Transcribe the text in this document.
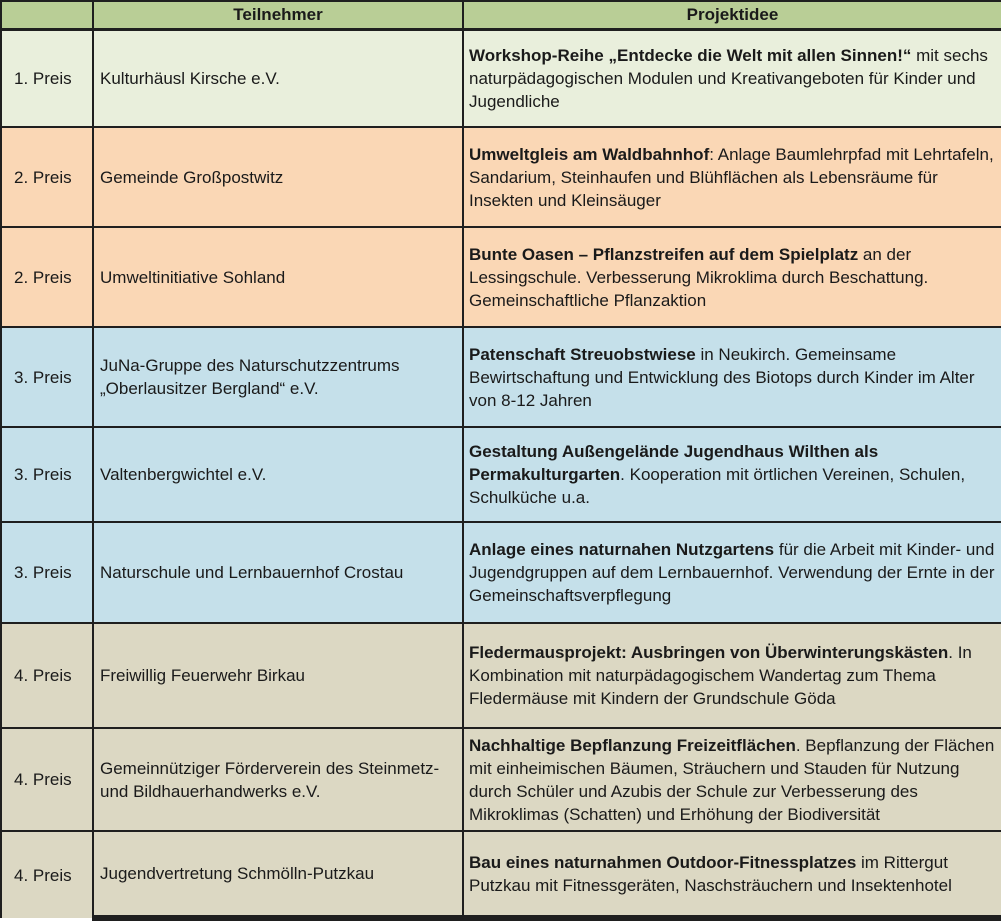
	Teilnehmer	Projektidee
1. Preis	Kulturhäusl Kirsche e.V.	Workshop-Reihe „Entdecke die Welt mit allen Sinnen!“ mit sechs naturpädagogischen Modulen und Kreativangeboten für Kinder und Jugendliche
2. Preis	Gemeinde Großpostwitz	Umweltgleis am Waldbahnhof: Anlage Baumlehrpfad mit Lehrtafeln, Sandarium, Steinhaufen und Blühflächen als Lebensräume für Insekten und Kleinsäuger
2. Preis	Umweltinitiative Sohland	Bunte Oasen – Pflanzstreifen auf dem Spielplatz an der Lessingschule. Verbesserung Mikroklima durch Beschattung. Gemeinschaftliche Pflanzaktion
3. Preis	JuNa-Gruppe des Naturschutzzentrums „Oberlausitzer Bergland“ e.V.	Patenschaft Streuobstwiese in Neukirch. Gemeinsame Bewirtschaftung und Entwicklung des Biotops durch Kinder im Alter von 8-12 Jahren
3. Preis	Valtenbergwichtel e.V.	Gestaltung Außengelände Jugendhaus Wilthen als Permakulturgarten. Kooperation mit örtlichen Vereinen, Schulen, Schulküche u.a.
3. Preis	Naturschule und Lernbauernhof Crostau	Anlage eines naturnahen Nutzgartens für die Arbeit mit Kinder- und Jugendgruppen auf dem Lernbauernhof. Verwendung der Ernte in der Gemeinschaftsverpflegung
4. Preis	Freiwillig Feuerwehr Birkau	Fledermausprojekt: Ausbringen von Überwinterungskästen. In Kombination mit naturpädagogischem Wandertag zum Thema Fledermäuse mit Kindern der Grundschule Göda
4. Preis	Gemeinnütziger Förderverein des Steinmetz- und Bildhauerhandwerks e.V.	Nachhaltige Bepflanzung Freizeitflächen. Bepflanzung der Flächen mit einheimischen Bäumen, Sträuchern und Stauden für Nutzung durch Schüler und Azubis der Schule zur Verbesserung des Mikroklimas (Schatten) und Erhöhung der Biodiversität
4. Preis	Jugendvertretung Schmölln-Putzkau	Bau eines naturnahmen Outdoor-Fitnessplatzes im Rittergut Putzkau mit Fitnessgeräten, Naschsträuchern und Insektenhotel
